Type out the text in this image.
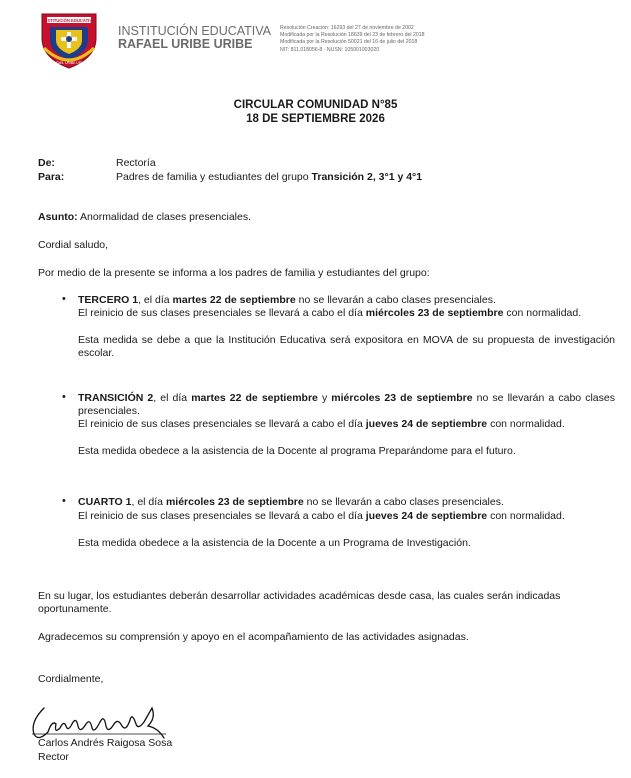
INSTITUCIÓN EDUCATIVA
RAFAEL URIBE URIBE
INSTITUCIÓN EDUCATIVA
RAFAEL URIBE URIBE
Resolución Creación: 16293 del 27 de noviembre de 2002
Modificada por la Resolución 18639 del 23 de febrero del 2018
Modificada por la Resolución 50021 del 16 de julio del 2018
NIT: 811.018056-8 · NUSN: 105001003020
CIRCULAR COMUNIDAD N°85
18 DE SEPTIEMBRE 2026
De:	Rectoría
Para:	Padres de familia y estudiantes del grupo Transición 2, 3°1 y 4°1
Asunto: Anormalidad de clases presenciales.
Cordial saludo,
Por medio de la presente se informa a los padres de familia y estudiantes del grupo:
• TERCERO 1, el día martes 22 de septiembre no se llevarán a cabo clases presenciales.
El reinicio de sus clases presenciales se llevará a cabo el día miércoles 23 de septiembre con normalidad.
Esta medida se debe a que la Institución Educativa será expositora en MOVA de su propuesta de investigación escolar.
• TRANSICIÓN 2, el día martes 22 de septiembre y miércoles 23 de septiembre no se llevarán a cabo clases presenciales.
El reinicio de sus clases presenciales se llevará a cabo el día jueves 24 de septiembre con normalidad.
Esta medida obedece a la asistencia de la Docente al programa Preparándome para el futuro.
• CUARTO 1, el día miércoles 23 de septiembre no se llevarán a cabo clases presenciales.
El reinicio de sus clases presenciales se llevará a cabo el día jueves 24 de septiembre con normalidad.
Esta medida obedece a la asistencia de la Docente a un Programa de Investigación.
En su lugar, los estudiantes deberán desarrollar actividades académicas desde casa, las cuales serán indicadas oportunamente.
Agradecemos su comprensión y apoyo en el acompañamiento de las actividades asignadas.
Cordialmente,
Carlos Andrés Raigosa Sosa
Rector
